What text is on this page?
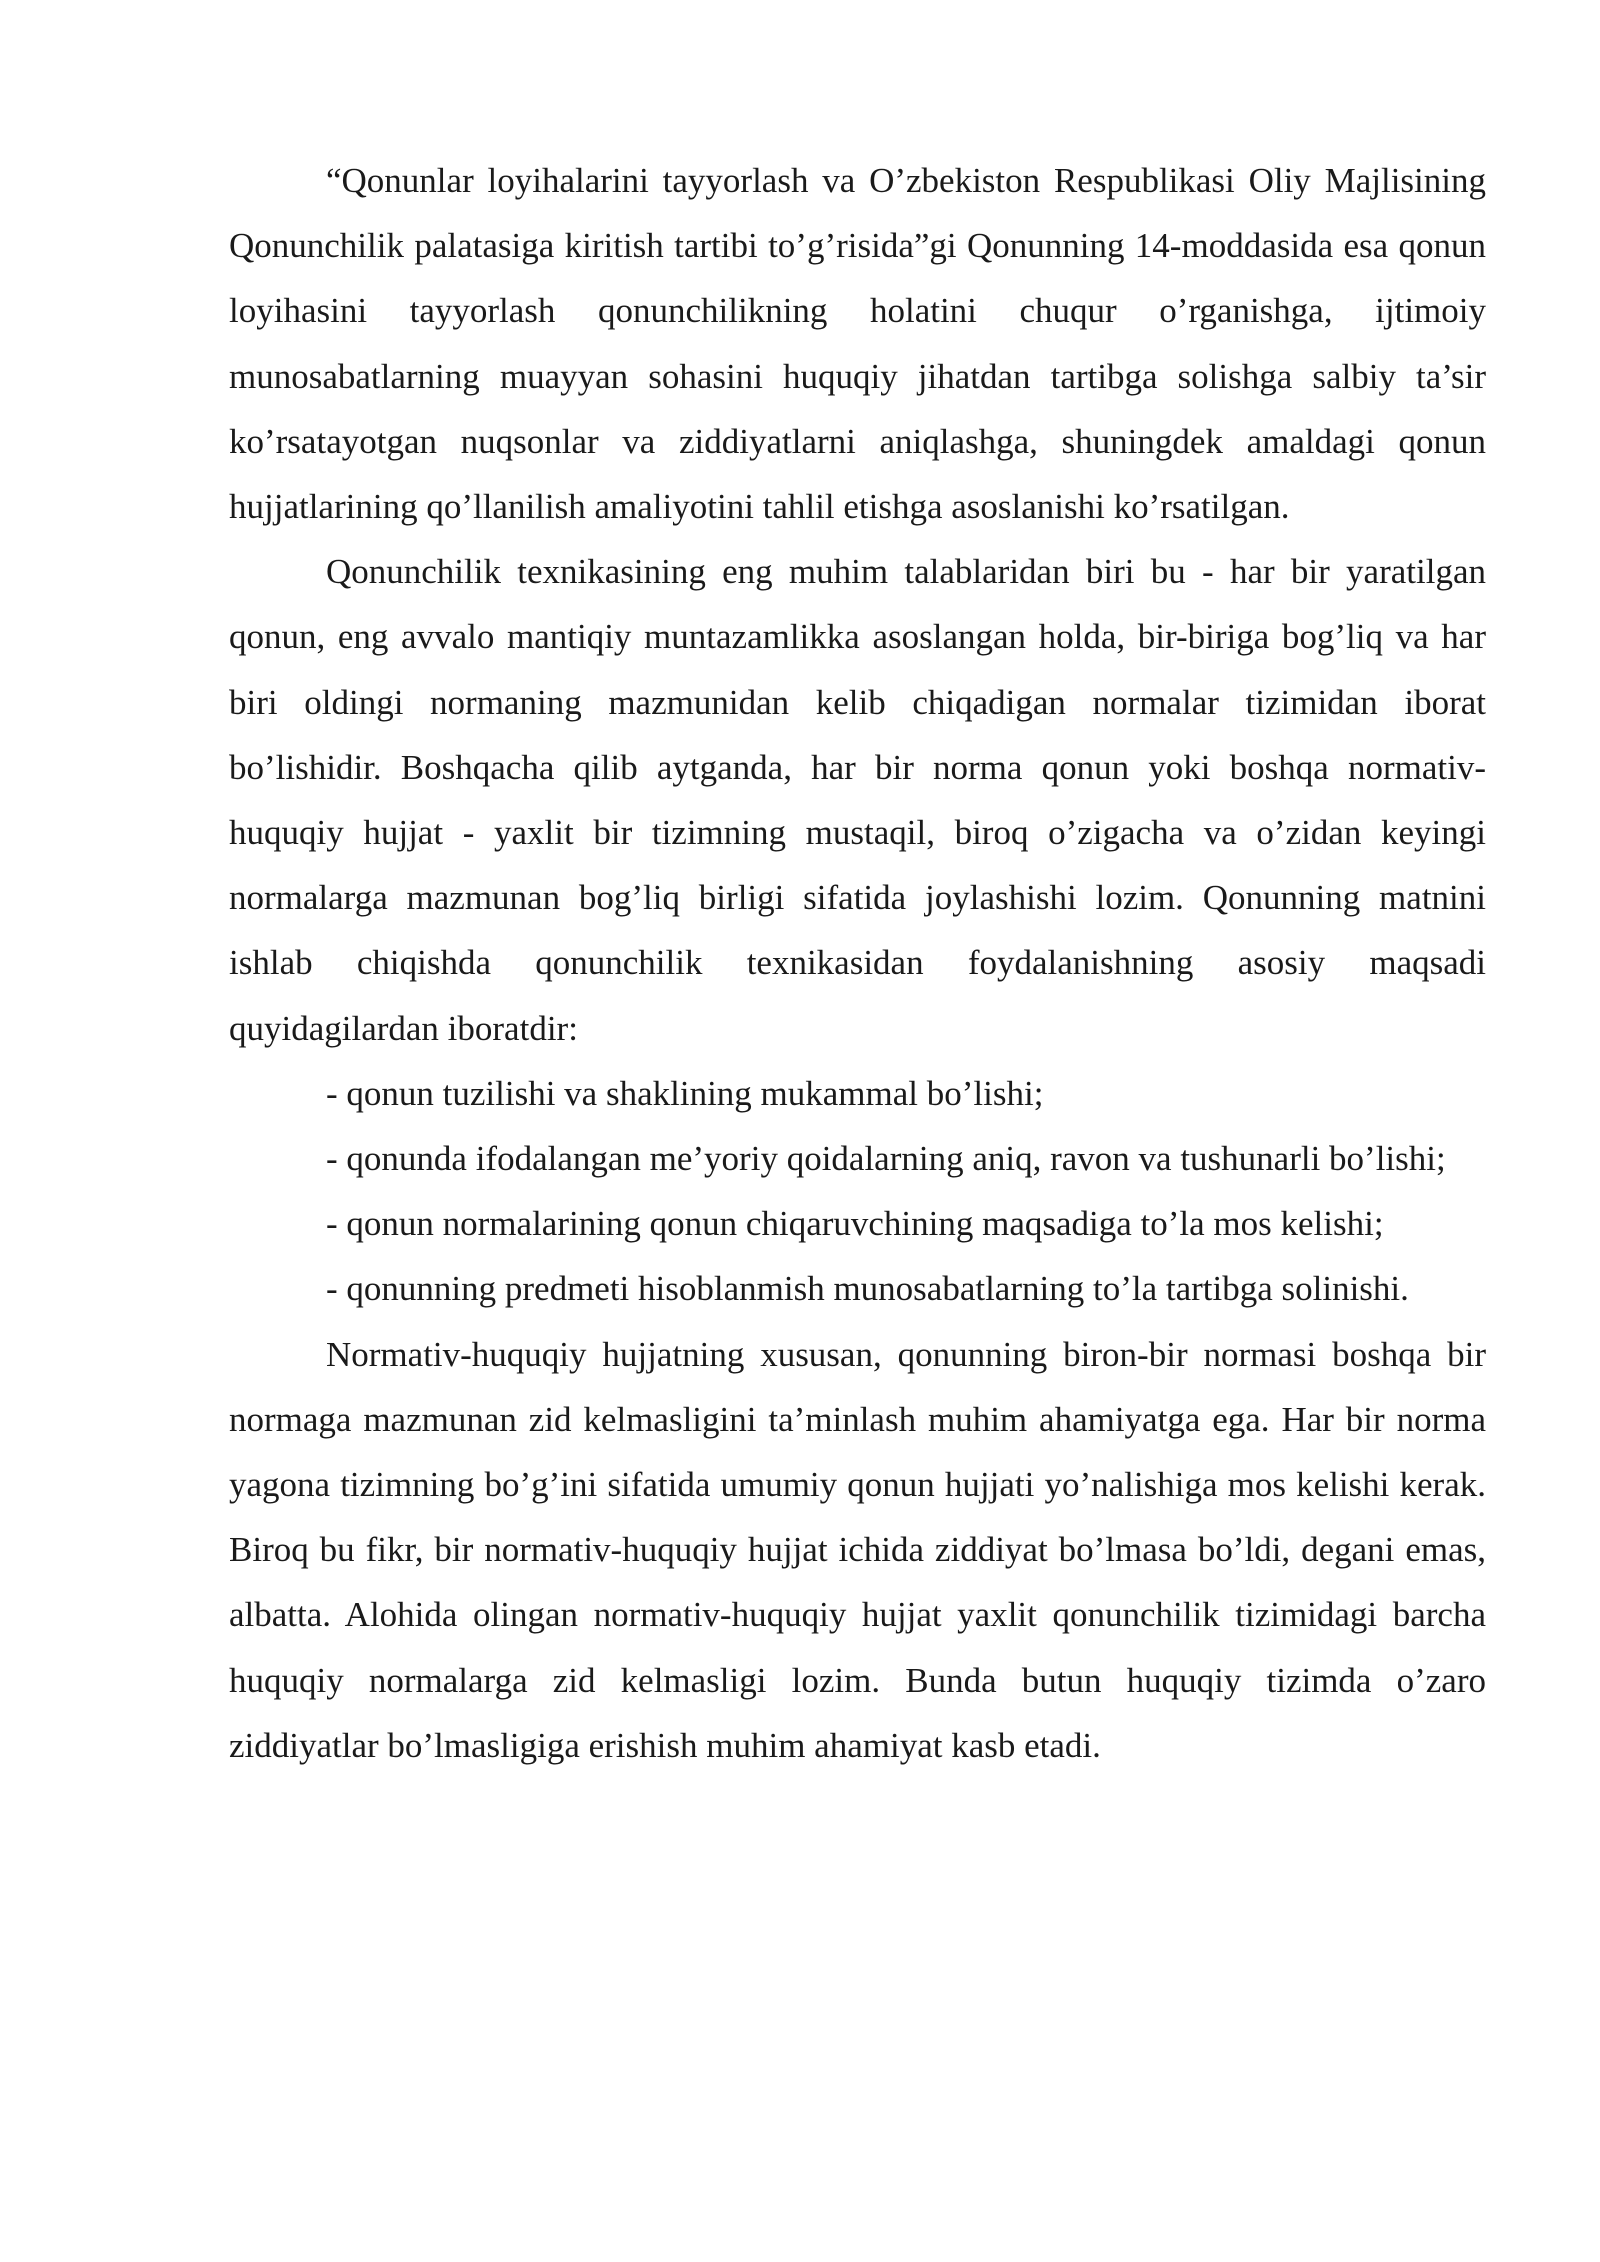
“Qonunlar loyihalarini tayyorlash va O’zbekiston Respublikasi Oliy Majlisining Qonunchilik palatasiga kiritish tartibi to’g’risida”gi Qonunning 14-moddasida esa qonun loyihasini tayyorlash qonunchilikning holatini chuqur o’rganishga, ijtimoiy munosabatlarning muayyan sohasini huquqiy jihatdan tartibga solishga salbiy ta’sir ko’rsatayotgan nuqsonlar va ziddiyatlarni aniqlashga, shuningdek amaldagi qonun hujjatlarining qo’llanilish amaliyotini tahlil etishga asoslanishi ko’rsatilgan.

Qonunchilik texnikasining eng muhim talablaridan biri bu - har bir yaratilgan qonun, eng avvalo mantiqiy muntazamlikka asoslangan holda, bir-biriga bog’liq va har biri oldingi normaning mazmunidan kelib chiqadigan normalar tizimidan iborat bo’lishidir. Boshqacha qilib aytganda, har bir norma qonun yoki boshqa normativ-huquqiy hujjat - yaxlit bir tizimning mustaqil, biroq o’zigacha va o’zidan keyingi normalarga mazmunan bog’liq birligi sifatida joylashishi lozim. Qonunning matnini ishlab chiqishda qonunchilik texnikasidan foydalanishning asosiy maqsadi quyidagilardan iboratdir:

- qonun tuzilishi va shaklining mukammal bo’lishi;

- qonunda ifodalangan me’yoriy qoidalarning aniq, ravon va tushunarli bo’lishi;

- qonun normalarining qonun chiqaruvchining maqsadiga to’la mos kelishi;

- qonunning predmeti hisoblanmish munosabatlarning to’la tartibga solinishi.

Normativ-huquqiy hujjatning xususan, qonunning biron-bir normasi boshqa bir normaga mazmunan zid kelmasligini ta’minlash muhim ahamiyatga ega. Har bir norma yagona tizimning bo’g’ini sifatida umumiy qonun hujjati yo’nalishiga mos kelishi kerak. Biroq bu fikr, bir normativ-huquqiy hujjat ichida ziddiyat bo’lmasa bo’ldi, degani emas, albatta. Alohida olingan normativ-huquqiy hujjat yaxlit qonunchilik tizimidagi barcha huquqiy normalarga zid kelmasligi lozim. Bunda butun huquqiy tizimda o’zaro ziddiyatlar bo’lmasligiga erishish muhim ahamiyat kasb etadi.
